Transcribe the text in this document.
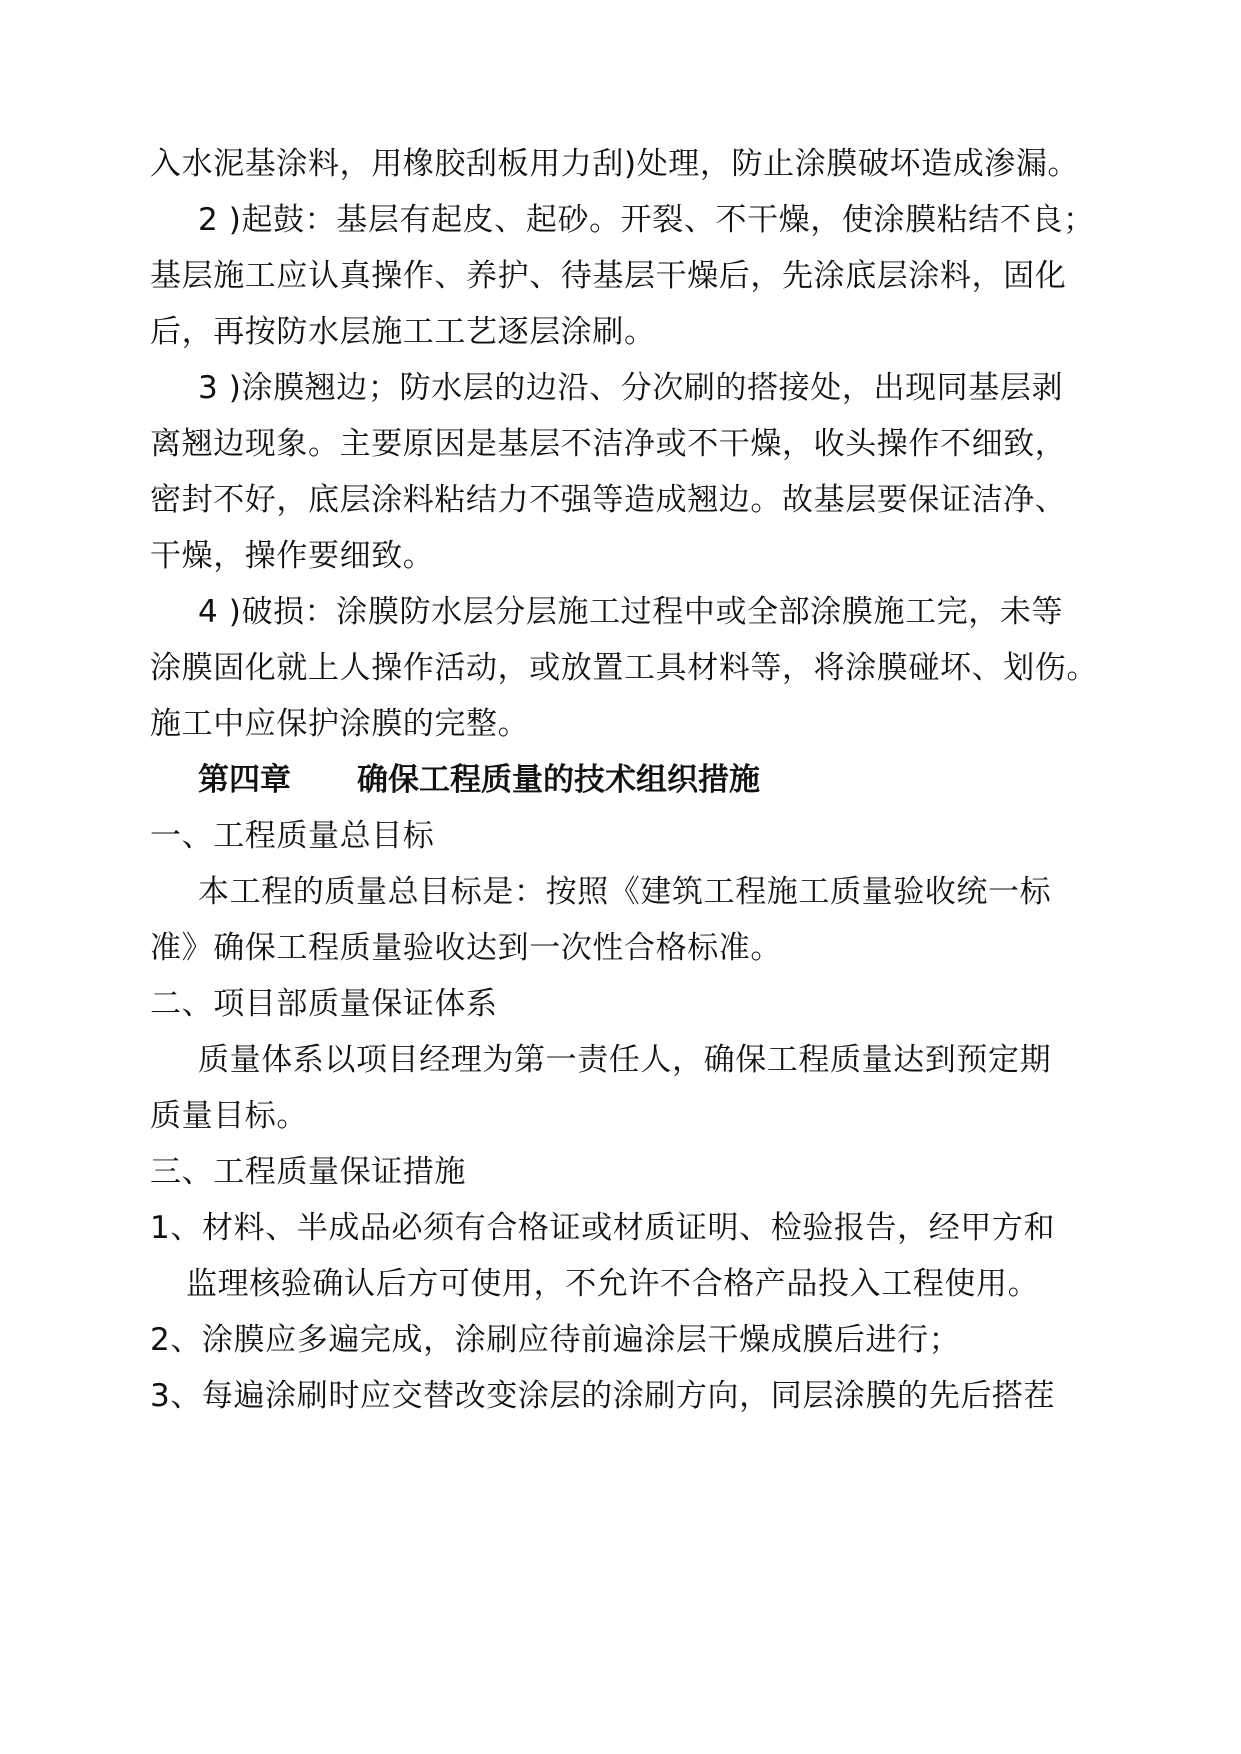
入水泥基涂料，用橡胶刮板用力刮)处理，防止涂膜破坏造成渗漏。
2 )起鼓：基层有起皮、起砂。开裂、不干燥，使涂膜粘结不良；
基层施工应认真操作、养护、待基层干燥后，先涂底层涂料，固化
后，再按防水层施工工艺逐层涂刷。
3 )涂膜翘边；防水层的边沿、分次刷的搭接处，出现同基层剥
离翘边现象。主要原因是基层不洁净或不干燥，收头操作不细致，
密封不好，底层涂料粘结力不强等造成翘边。故基层要保证洁净、
干燥，操作要细致。
4 )破损：涂膜防水层分层施工过程中或全部涂膜施工完，未等
涂膜固化就上人操作活动，或放置工具材料等，将涂膜碰坏、划伤。
施工中应保护涂膜的完整。
第四章 确保工程质量的技术组织措施
一、工程质量总目标
本工程的质量总目标是：按照《建筑工程施工质量验收统一标
准》确保工程质量验收达到一次性合格标准。
二、项目部质量保证体系
质量体系以项目经理为第一责任人，确保工程质量达到预定期
质量目标。
三、工程质量保证措施
1、材料、半成品必须有合格证或材质证明、检验报告，经甲方和
监理核验确认后方可使用，不允许不合格产品投入工程使用。
2、涂膜应多遍完成，涂刷应待前遍涂层干燥成膜后进行；
3、每遍涂刷时应交替改变涂层的涂刷方向，同层涂膜的先后搭茬
